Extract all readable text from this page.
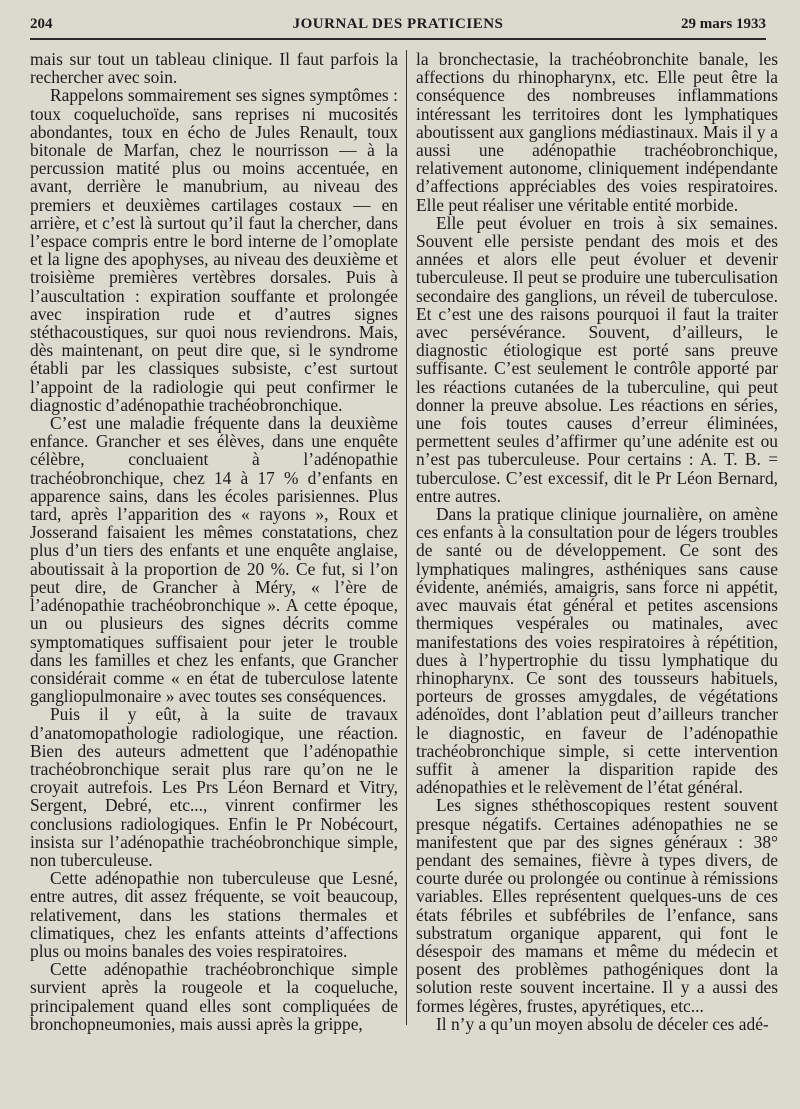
204	JOURNAL DES PRATICIENS	29 mars 1933

mais sur tout un tableau clinique. Il faut parfois la rechercher avec soin.

Rappelons sommairement ses signes symptômes : toux coqueluchoïde, sans reprises ni mucosités abondantes, toux en écho de Jules Renault, toux bitonale de Marfan, chez le nourrisson — à la percussion matité plus ou moins accentuée, en avant, derrière le manubrium, au niveau des premiers et deuxièmes cartilages costaux — en arrière, et c’est là surtout qu’il faut la chercher, dans l’espace compris entre le bord interne de l’omoplate et la ligne des apophyses, au niveau des deuxième et troisième premières vertèbres dorsales. Puis à l’auscultation : expiration souffante et prolongée avec inspiration rude et d’autres signes stéthacoustiques, sur quoi nous reviendrons. Mais, dès maintenant, on peut dire que, si le syndrome établi par les classiques subsiste, c’est surtout l’appoint de la radiologie qui peut confirmer le diagnostic d’adénopathie trachéobronchique.

C’est une maladie fréquente dans la deuxième enfance. Grancher et ses élèves, dans une enquête célèbre, concluaient à l’adénopathie trachéobronchique, chez 14 à 17 % d’enfants en apparence sains, dans les écoles parisiennes. Plus tard, après l’apparition des « rayons », Roux et Josserand faisaient les mêmes constatations, chez plus d’un tiers des enfants et une enquête anglaise, aboutissait à la proportion de 20 %. Ce fut, si l’on peut dire, de Grancher à Méry, « l’ère de l’adénopathie trachéobronchique ». A cette époque, un ou plusieurs des signes décrits comme symptomatiques suffisaient pour jeter le trouble dans les familles et chez les enfants, que Grancher considérait comme « en état de tuberculose latente gangliopulmonaire » avec toutes ses conséquences.

Puis il y eût, à la suite de travaux d’anatomopathologie radiologique, une réaction. Bien des auteurs admettent que l’adénopathie trachéobronchique serait plus rare qu’on ne le croyait autrefois. Les Prs Léon Bernard et Vitry, Sergent, Debré, etc..., vinrent confirmer les conclusions radiologiques. Enfin le Pr Nobécourt, insista sur l’adénopathie trachéobronchique simple, non tuberculeuse.

Cette adénopathie non tuberculeuse que Lesné, entre autres, dit assez fréquente, se voit beaucoup, relativement, dans les stations thermales et climatiques, chez les enfants atteints d’affections plus ou moins banales des voies respiratoires.

Cette adénopathie trachéobronchique simple survient après la rougeole et la coqueluche, principalement quand elles sont compliquées de bronchopneumonies, mais aussi après la grippe,

la bronchectasie, la trachéobronchite banale, les affections du rhinopharynx, etc. Elle peut être la conséquence des nombreuses inflammations intéressant les territoires dont les lymphatiques aboutissent aux ganglions médiastinaux. Mais il y a aussi une adénopathie trachéobronchique, relativement autonome, cliniquement indépendante d’affections appréciables des voies respiratoires. Elle peut réaliser une véritable entité morbide.

Elle peut évoluer en trois à six semaines. Souvent elle persiste pendant des mois et des années et alors elle peut évoluer et devenir tuberculeuse. Il peut se produire une tuberculisation secondaire des ganglions, un réveil de tuberculose. Et c’est une des raisons pourquoi il faut la traiter avec persévérance. Souvent, d’ailleurs, le diagnostic étiologique est porté sans preuve suffisante. C’est seulement le contrôle apporté par les réactions cutanées de la tuberculine, qui peut donner la preuve absolue. Les réactions en séries, une fois toutes causes d’erreur éliminées, permettent seules d’affirmer qu’une adénite est ou n’est pas tuberculeuse. Pour certains : A. T. B. = tuberculose. C’est excessif, dit le Pr Léon Bernard, entre autres.

Dans la pratique clinique journalière, on amène ces enfants à la consultation pour de légers troubles de santé ou de développement. Ce sont des lymphatiques malingres, asthéniques sans cause évidente, anémiés, amaigris, sans force ni appétit, avec mauvais état général et petites ascensions thermiques vespérales ou matinales, avec manifestations des voies respiratoires à répétition, dues à l’hypertrophie du tissu lymphatique du rhinopharynx. Ce sont des tousseurs habituels, porteurs de grosses amygdales, de végétations adénoïdes, dont l’ablation peut d’ailleurs trancher le diagnostic, en faveur de l’adénopathie trachéobronchique simple, si cette intervention suffit à amener la disparition rapide des adénopathies et le relèvement de l’état général.

Les signes sthéthoscopiques restent souvent presque négatifs. Certaines adénopathies ne se manifestent que par des signes généraux : 38° pendant des semaines, fièvre à types divers, de courte durée ou prolongée ou continue à rémissions variables. Elles représentent quelques-uns de ces états fébriles et subfébriles de l’enfance, sans substratum organique apparent, qui font le désespoir des mamans et même du médecin et posent des problèmes pathogéniques dont la solution reste souvent incertaine. Il y a aussi des formes légères, frustes, apyrétiques, etc...

Il n’y a qu’un moyen absolu de déceler ces adé-
